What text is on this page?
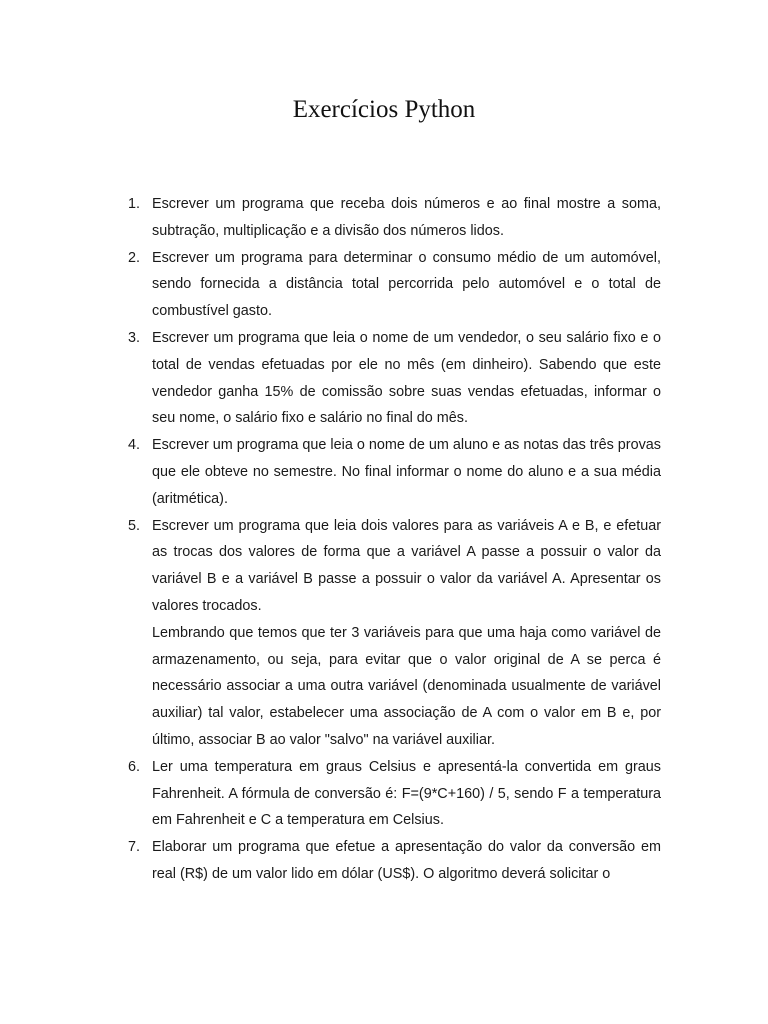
Exercícios Python
1. Escrever um programa que receba dois números e ao final mostre a soma, subtração, multiplicação e a divisão dos números lidos.
2. Escrever um programa para determinar o consumo médio de um automóvel, sendo fornecida a distância total percorrida pelo automóvel e o total de combustível gasto.
3. Escrever um programa que leia o nome de um vendedor, o seu salário fixo e o total de vendas efetuadas por ele no mês (em dinheiro). Sabendo que este vendedor ganha 15% de comissão sobre suas vendas efetuadas, informar o seu nome, o salário fixo e salário no final do mês.
4. Escrever um programa que leia o nome de um aluno e as notas das três provas que ele obteve no semestre. No final informar o nome do aluno e a sua média (aritmética).
5. Escrever um programa que leia dois valores para as variáveis A e B, e efetuar as trocas dos valores de forma que a variável A passe a possuir o valor da variável B e a variável B passe a possuir o valor da variável A. Apresentar os valores trocados.
Lembrando que temos que ter 3 variáveis para que uma haja como variável de armazenamento, ou seja, para evitar que o valor original de A se perca é necessário associar a uma outra variável (denominada usualmente de variável auxiliar) tal valor, estabelecer uma associação de A com o valor em B e, por último, associar B ao valor "salvo" na variável auxiliar.
6. Ler uma temperatura em graus Celsius e apresentá-la convertida em graus Fahrenheit. A fórmula de conversão é: F=(9*C+160) / 5, sendo F a temperatura em Fahrenheit e C a temperatura em Celsius.
7. Elaborar um programa que efetue a apresentação do valor da conversão em real (R$) de um valor lido em dólar (US$). O algoritmo deverá solicitar o
